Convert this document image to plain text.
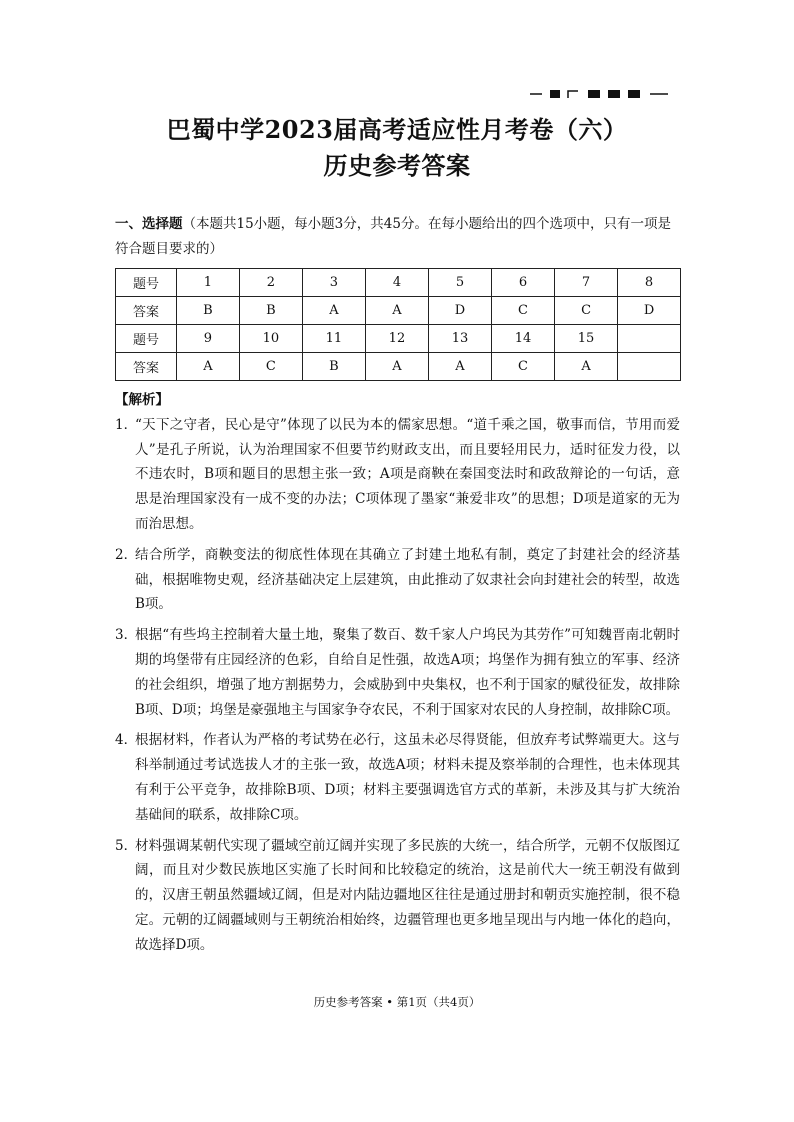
巴蜀中学2023届高考适应性月考卷（六）
历史参考答案
一、选择题（本题共15小题，每小题3分，共45分。在每小题给出的四个选项中，只有一项是符合题目要求的）
题号	1	2	3	4	5	6	7	8
答案	B	B	A	A	D	C	C	D
题号	9	10	11	12	13	14	15	
答案	A	C	B	A	A	C	A	
【解析】
1．
“天下之守者，民心是守”体现了以民为本的儒家思想。“道千乘之国，敬事而信，节用而爱人”是孔子所说，认为治理国家不但要节约财政支出，而且要轻用民力，适时征发力役，以不违农时，B项和题目的思想主张一致；A项是商鞅在秦国变法时和政敌辩论的一句话，意思是治理国家没有一成不变的办法；C项体现了墨家“兼爱非攻”的思想；D项是道家的无为而治思想。
2．
结合所学，商鞅变法的彻底性体现在其确立了封建土地私有制，奠定了封建社会的经济基础，根据唯物史观，经济基础决定上层建筑，由此推动了奴隶社会向封建社会的转型，故选B项。
3．
根据“有些坞主控制着大量土地，聚集了数百、数千家人户坞民为其劳作”可知魏晋南北朝时期的坞堡带有庄园经济的色彩，自给自足性强，故选A项；坞堡作为拥有独立的军事、经济的社会组织，增强了地方割据势力，会威胁到中央集权，也不利于国家的赋役征发，故排除B项、D项；坞堡是豪强地主与国家争夺农民，不利于国家对农民的人身控制，故排除C项。
4．
根据材料，作者认为严格的考试势在必行，这虽未必尽得贤能，但放弃考试弊端更大。这与科举制通过考试选拔人才的主张一致，故选A项；材料未提及察举制的合理性，也未体现其有利于公平竞争，故排除B项、D项；材料主要强调选官方式的革新，未涉及其与扩大统治基础间的联系，故排除C项。
5．
材料强调某朝代实现了疆域空前辽阔并实现了多民族的大统一，结合所学，元朝不仅版图辽阔，而且对少数民族地区实施了长时间和比较稳定的统治，这是前代大一统王朝没有做到的，汉唐王朝虽然疆域辽阔，但是对内陆边疆地区往往是通过册封和朝贡实施控制，很不稳定。元朝的辽阔疆域则与王朝统治相始终，边疆管理也更多地呈现出与内地一体化的趋向，故选择D项。
历史参考答案 • 第1页（共4页）
